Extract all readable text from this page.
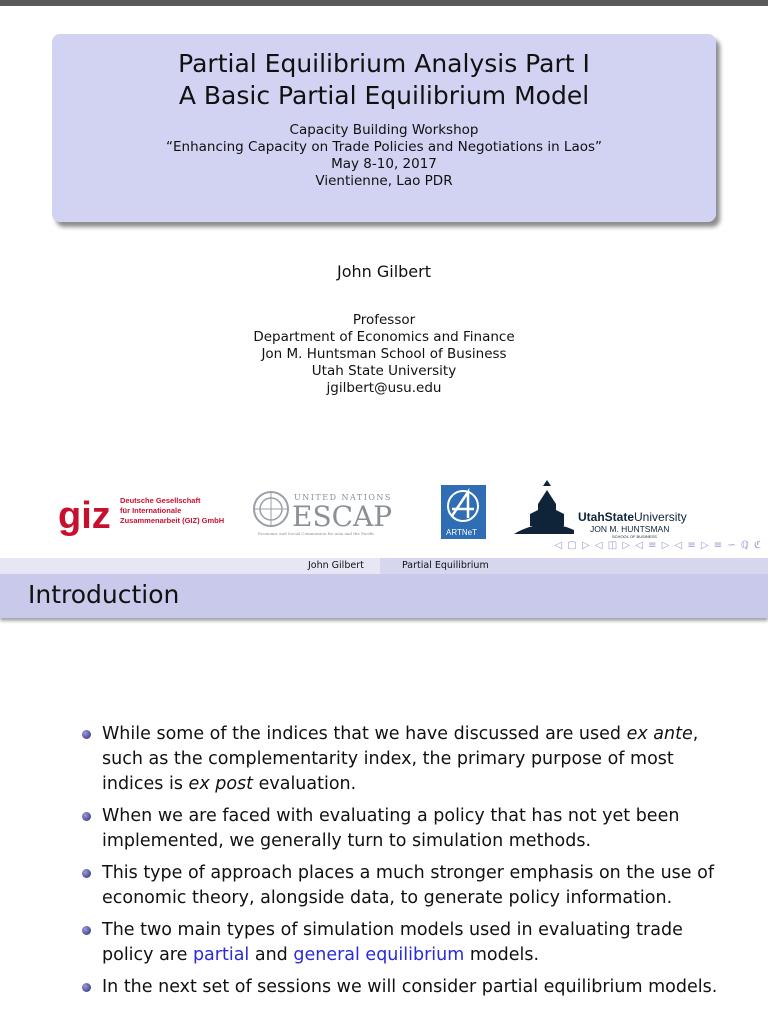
Partial Equilibrium Analysis Part I
A Basic Partial Equilibrium Model
Capacity Building Workshop
“Enhancing Capacity on Trade Policies and Negotiations in Laos”
May 8-10, 2017
Vientienne, Lao PDR
John Gilbert
Professor
Department of Economics and Finance
Jon M. Huntsman School of Business
Utah State University
jgilbert@usu.edu
giz Deutsche Gesellschaft
für Internationale
Zusammenarbeit (GIZ) GmbH
UNITED NATIONS
ESCAP
Economic and Social Commission for Asia and the Pacific	ARTNeT
UtahStateUniversity
JON M. HUNTSMAN
SCHOOL OF BUSINESS
◁ ▢ ▷ ◁ ◫ ▷ ◁ ≡ ▷ ◁ ≡ ▷ ≡ ∽ ℚ ℭ
John Gilbert	Partial Equilibrium
Introduction
While some of the indices that we have discussed are used ex ante, such as the complementarity index, the primary purpose of most indices is ex post evaluation.
When we are faced with evaluating a policy that has not yet been implemented, we generally turn to simulation methods.
This type of approach places a much stronger emphasis on the use of economic theory, alongside data, to generate policy information.
The two main types of simulation models used in evaluating trade policy are partial and general equilibrium models.
In the next set of sessions we will consider partial equilibrium models.
